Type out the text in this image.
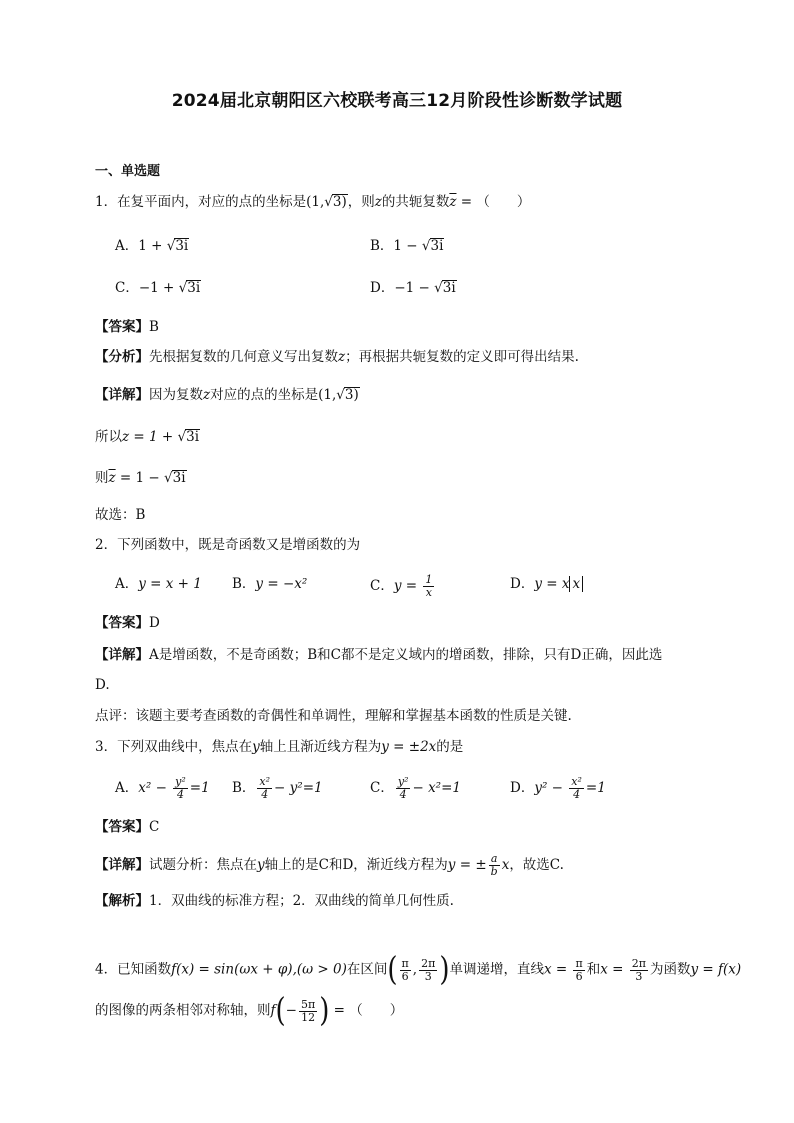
2024届北京朝阳区六校联考高三12月阶段性诊断数学试题
一、单选题
1．在复平面内，对应的点的坐标是(1,√3)，则z的共轭复数$\overline{z}$ = （　　）
A．1 + √3i	B．1 − √3i
C．−1 + √3i	D．−1 − √3i
【答案】B
【分析】先根据复数的几何意义写出复数z；再根据共轭复数的定义即可得出结果.
【详解】因为复数z对应的点的坐标是(1,√3)
所以z = 1 + √3i
则$\overline{z} = 1 - √3i$
故选：B
2．下列函数中，既是奇函数又是增函数的为
A．y = x + 1 B．y = −x²	C．$y = \frac{1}{x}$	D．y = x x
【答案】D
【详解】A是增函数，不是奇函数；B和C都不是定义域内的增函数，排除，只有D正确，因此选
D.
点评：该题主要考查函数的奇偶性和单调性，理解和掌握基本函数的性质是关键.
3．下列双曲线中，焦点在y轴上且渐近线方程为y = ±2x的是
A．$x^2 - \frac{\text{y²}}{4} =1$ B． $\frac{\text{x²}}{4} - y^2=1$	C． $\frac{\text{y²}}{4} - x^2=1$	D．$y^2 - \frac{\text{x²}}{4} =1$
【答案】C
【详解】试题分析：焦点在y轴上的是C和D，渐近线方程为y = ± $\frac{a}{b}$ x，故选C.
【解析】1．双曲线的标准方程；2．双曲线的简单几何性质.
4．已知函数f(x) = sin(ωx + φ),(ω > 0)在区间( $\frac{\pi}{6}$ , $\frac{2\pi}{3}$ )单调递增，直线$x = \frac{\pi}{6}$ 和$x = \frac{2\pi}{3}$ 为函数y = f(x)
的图像的两条相邻对称轴，则$f(- \frac{5\pi}{12}$ ) = （　　）
